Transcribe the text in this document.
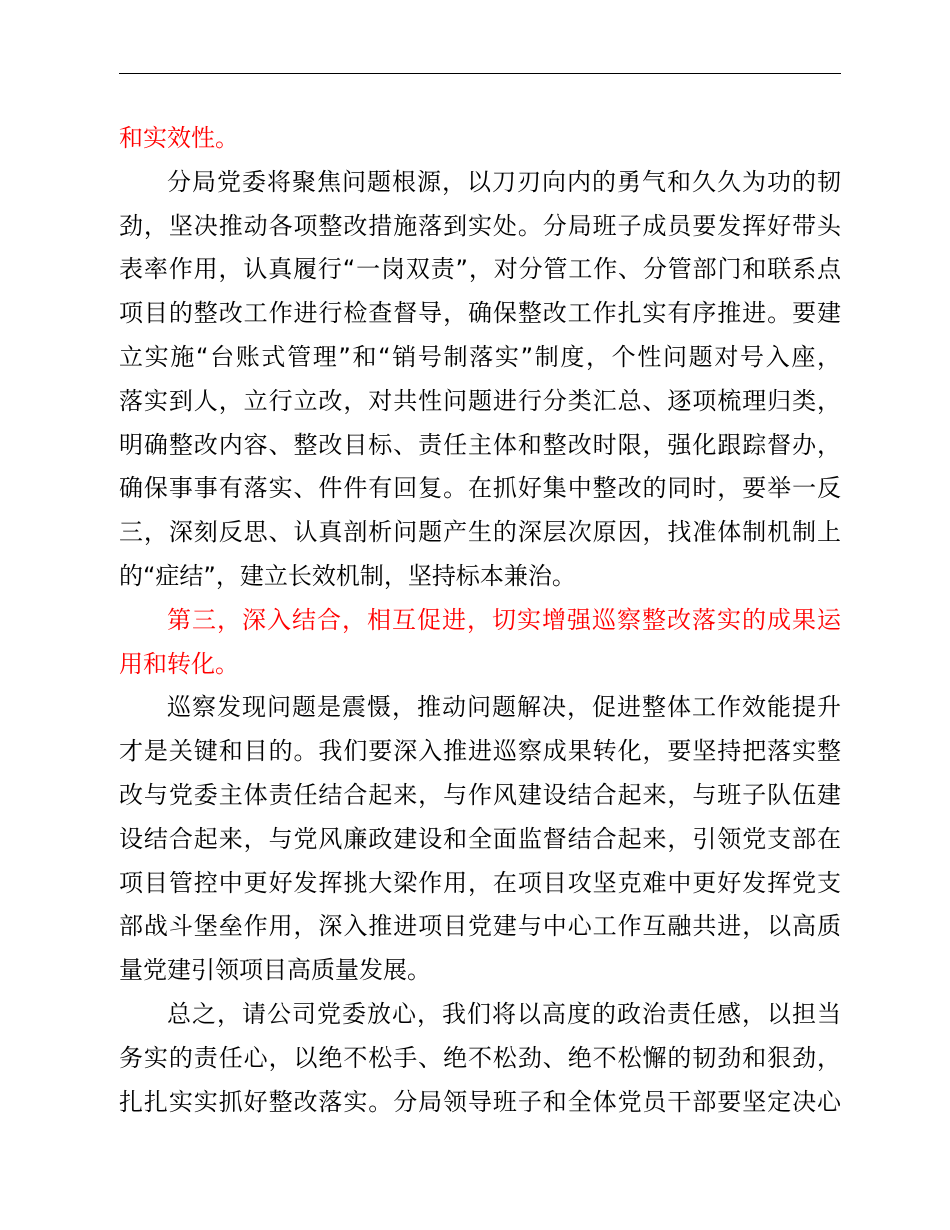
和实效性。
分局党委将聚焦问题根源，以刀刃向内的勇气和久久为功的韧
劲，坚决推动各项整改措施落到实处。分局班子成员要发挥好带头
表率作用，认真履行“一岗双责”，对分管工作、分管部门和联系点
项目的整改工作进行检查督导，确保整改工作扎实有序推进。要建
立实施“台账式管理”和“销号制落实”制度，个性问题对号入座，
落实到人，立行立改，对共性问题进行分类汇总、逐项梳理归类，
明确整改内容、整改目标、责任主体和整改时限，强化跟踪督办，
确保事事有落实、件件有回复。在抓好集中整改的同时，要举一反
三，深刻反思、认真剖析问题产生的深层次原因，找准体制机制上
的“症结”，建立长效机制，坚持标本兼治。
第三，深入结合，相互促进，切实增强巡察整改落实的成果运
用和转化。
巡察发现问题是震慑，推动问题解决，促进整体工作效能提升
才是关键和目的。我们要深入推进巡察成果转化，要坚持把落实整
改与党委主体责任结合起来，与作风建设结合起来，与班子队伍建
设结合起来，与党风廉政建设和全面监督结合起来，引领党支部在
项目管控中更好发挥挑大梁作用，在项目攻坚克难中更好发挥党支
部战斗堡垒作用，深入推进项目党建与中心工作互融共进，以高质
量党建引领项目高质量发展。
总之，请公司党委放心，我们将以高度的政治责任感，以担当
务实的责任心，以绝不松手、绝不松劲、绝不松懈的韧劲和狠劲，
扎扎实实抓好整改落实。分局领导班子和全体党员干部要坚定决心
